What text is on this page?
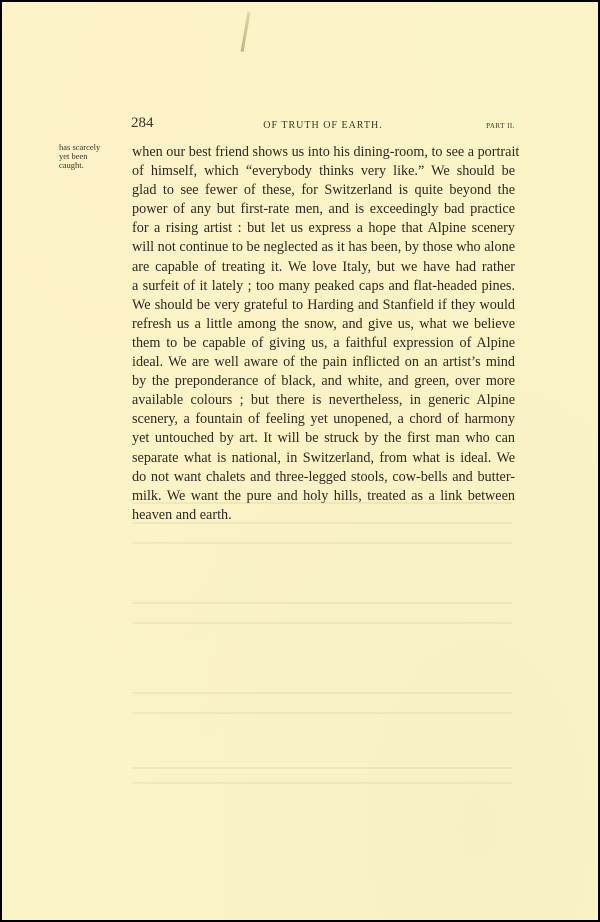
284	OF TRUTH OF EARTH.	PART II.
has scarcely
yet been
caught.
when our best friend shows us into his dining-room, to see a portrait
of himself, which “everybody thinks very like.” We should be
glad to see fewer of these, for Switzerland is quite beyond the
power of any but first-rate men, and is exceedingly bad practice
for a rising artist : but let us express a hope that Alpine scenery
will not continue to be neglected as it has been, by those who alone
are capable of treating it. We love Italy, but we have had rather
a surfeit of it lately ; too many peaked caps and flat-headed pines.
We should be very grateful to Harding and Stanfield if they would
refresh us a little among the snow, and give us, what we believe
them to be capable of giving us, a faithful expression of Alpine
ideal. We are well aware of the pain inflicted on an artist’s mind
by the preponderance of black, and white, and green, over more
available colours ; but there is nevertheless, in generic Alpine
scenery, a fountain of feeling yet unopened, a chord of harmony
yet untouched by art. It will be struck by the first man who can
separate what is national, in Switzerland, from what is ideal. We
do not want chalets and three-legged stools, cow-bells and butter-
milk. We want the pure and holy hills, treated as a link between
heaven and earth.
